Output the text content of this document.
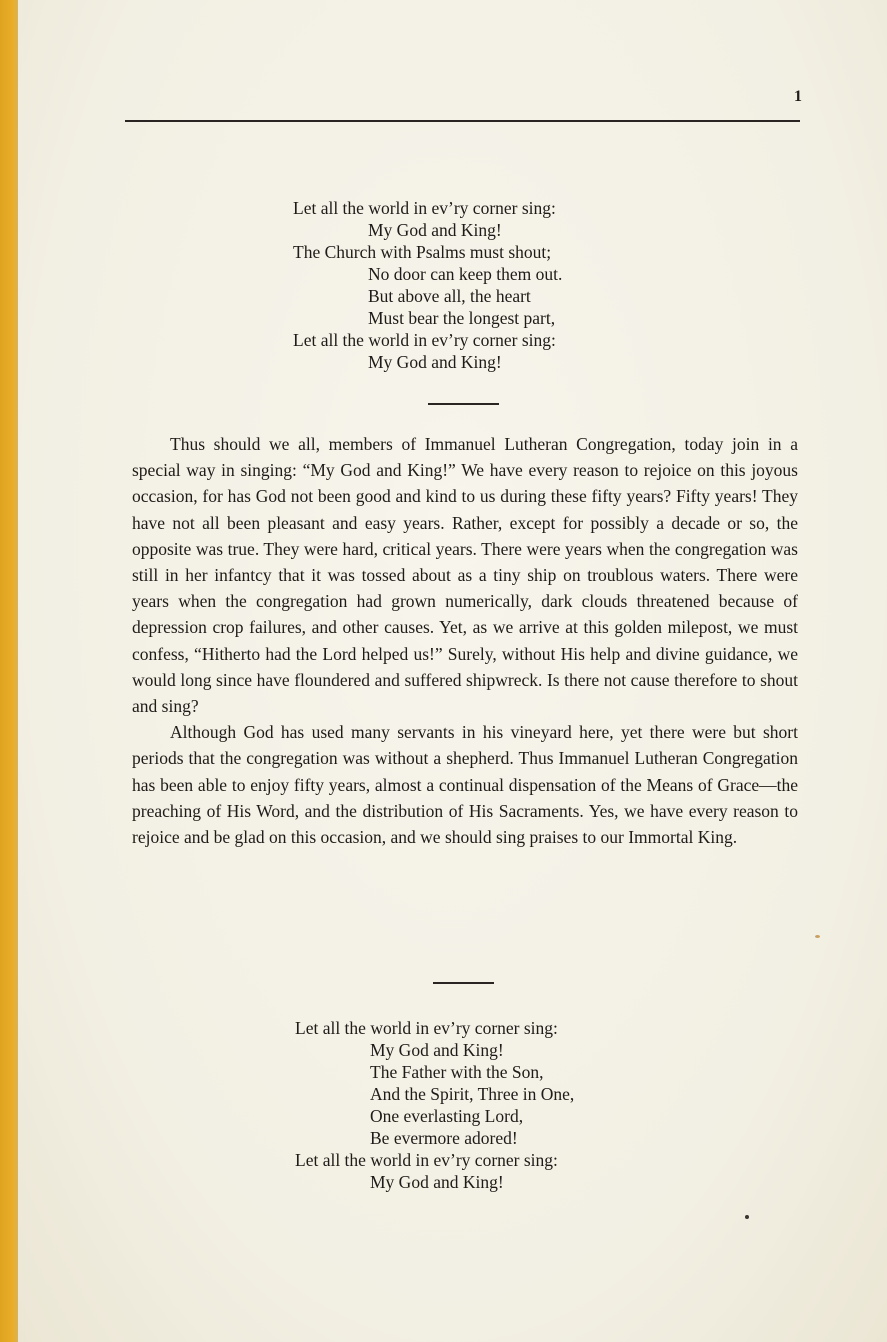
1
Let all the world in ev’ry corner sing:
My God and King!
The Church with Psalms must shout;
No door can keep them out.
But above all, the heart
Must bear the longest part,
Let all the world in ev’ry corner sing:
My God and King!

Thus should we all, members of Immanuel Lutheran Congregation, today join in a special way in singing: “My God and King!” We have every reason to rejoice on this joyous occasion, for has God not been good and kind to us during these fifty years? Fifty years! They have not all been pleasant and easy years. Rather, except for possibly a decade or so, the opposite was true. They were hard, critical years. There were years when the congregation was still in her infantcy that it was tossed about as a tiny ship on troublous waters. There were years when the congregation had grown numerically, dark clouds threatened because of depression crop failures, and other causes. Yet, as we arrive at this golden milepost, we must confess, “Hitherto had the Lord helped us!” Surely, without His help and divine guidance, we would long since have floundered and suffered shipwreck. Is there not cause therefore to shout and sing?

Although God has used many servants in his vineyard here, yet there were but short periods that the congregation was without a shepherd. Thus Immanuel Lutheran Congregation has been able to enjoy fifty years, almost a continual dispensation of the Means of Grace—the preaching of His Word, and the distribution of His Sacraments. Yes, we have every reason to rejoice and be glad on this occasion, and we should sing praises to our Immortal King.

Let all the world in ev’ry corner sing:
My God and King!
The Father with the Son,
And the Spirit, Three in One,
One everlasting Lord,
Be evermore adored!
Let all the world in ev’ry corner sing:
My God and King!
